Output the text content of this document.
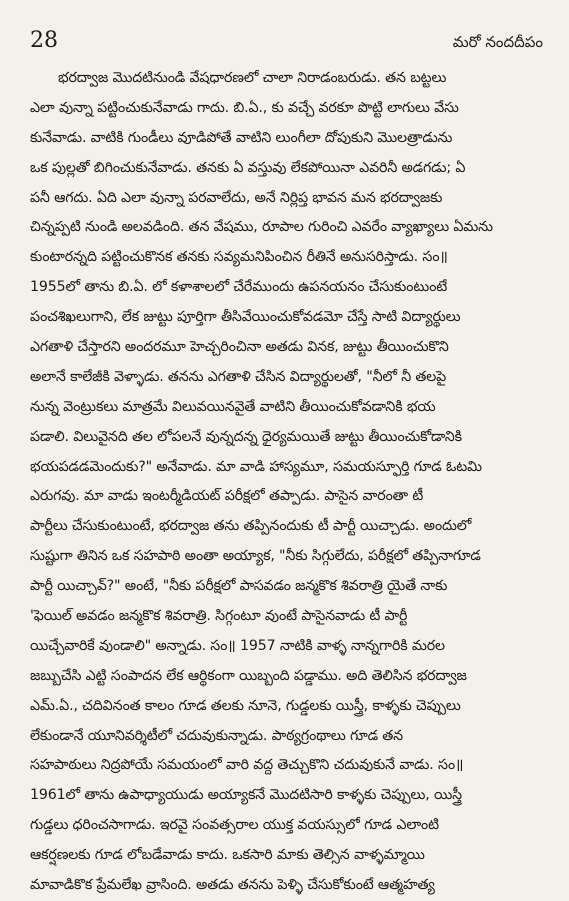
28	మరో నందదీపం
భరద్వాజ మొదటినుండి వేషధారణలో చాలా నిరాడంబరుడు. తన బట్టలు
ఎలా వున్నా పట్టించుకునేవాడు గాదు. బి.ఏ., కు వచ్చే వరకూ పొట్టి లాగులు వేసు
కునేవాడు. వాటికి గుండీలు వూడిపోతే వాటిని లుంగీలా దోపుకుని మొలత్రాడును
ఒక పుల్లతో బిగించుకునేవాడు. తనకు ఏ వస్తువు లేకపోయినా ఎవరినీ అడగడు; ఏ
పనీ ఆగదు. ఏది ఎలా వున్నా పరవాలేదు, అనే నిర్లిప్త భావన మన భరద్వాజకు
చిన్నప్పటి నుండి అలవడింది. తన వేషము, రూపాల గురించి ఎవరేం వ్యాఖ్యాలు ఏమను
కుంటారన్నది పట్టించుకొనక తనకు సవ్యమనిపించిన రీతినే అనుసరిస్తాడు. సం॥
1955లో తాను బి.ఏ. లో కళాశాలలో చేరేముందు ఉపనయనం చేసుకుంటుంటే
పంచశిఖలుగాని, లేక జుట్టు పూర్తిగా తీసివేయించుకోవడమో చేస్తే సాటి విద్యార్థులు
ఎగతాళి చేస్తారని అందరమూ హెచ్చరించినా అతడు వినక, జుట్టు తీయించుకొని
అలానే కాలేజీకి వెళ్ళాడు. తనను ఎగతాళి చేసిన విద్యార్థులతో, "నీలో నీ తలపై
నున్న వెంట్రుకలు మాత్రమే విలువయినవైతే వాటిని తీయించుకోవడానికి భయ
పడాలి. విలువైనది తల లోపలనే వున్నదన్న ధైర్యమయితే జుట్టు తీయించుకోడానికి
భయపడడమెందుకు?" అనేవాడు. మా వాడి హాస్యమూ, సమయస్ఫూర్తి గూడ ఓటమి
ఎరుగవు. మా వాడు ఇంటర్మీడియట్ పరీక్షలో తప్పాడు. పాసైన వారంతా టీ
పార్టీలు చేసుకుంటుంటే, భరద్వాజ తను తప్పినందుకు టీ పార్టీ యిచ్చాడు. అందులో
సుష్టుగా తినిన ఒక సహపాఠి అంతా అయ్యాక, "నీకు సిగ్గులేదు, పరీక్షలో తప్పినాగూడ
పార్టీ యిచ్చావ్?" అంటే, "నీకు పరీక్షలో పాసవడం జన్మకొక శివరాత్రి యైతే నాకు
'ఫెయిల్ అవడం జన్మకొక శివరాత్రి. సిగ్గంటూ వుంటే పాసైనవాడు టీ పార్టీ
యిచ్చేవారికే వుండాలి" అన్నాడు. సం॥ 1957 నాటికి వాళ్ళ నాన్నగారికి మరల
జబ్బుచేసి ఎట్టి సంపాదన లేక ఆర్థికంగా యిబ్బంది పడ్డాము. అది తెలిసిన భరద్వాజ
ఎమ్.ఏ., చదివినంత కాలం గూడ తలకు నూనె, గుడ్డలకు యిస్త్రీ, కాళ్ళకు చెప్పులు
లేకుండానే యూనివర్శిటీలో చదువుకున్నాడు. పాఠ్యగ్రంథాలు గూడ తన
సహపాఠులు నిద్రపోయే సమయంలో వారి వద్ద తెచ్చుకొని చదువుకునే వాడు. సం॥
1961లో తాను ఉపాధ్యాయుడు అయ్యాకనే మొదటిసారి కాళ్ళకు చెప్పులు, యిస్త్రీ
గుడ్డలు ధరించసాగాడు. ఇరవై సంవత్సరాల యుక్త వయస్సులో గూడ ఎలాంటి
ఆకర్షణలకు గూడ లోబడేవాడు కాదు. ఒకసారి మాకు తెల్సిన వాళ్ళమ్మాయి
మావాడికొక ప్రేమలేఖ వ్రాసింది. అతడు తనను పెళ్ళి చేసుకోకుంటే ఆత్మహత్య
